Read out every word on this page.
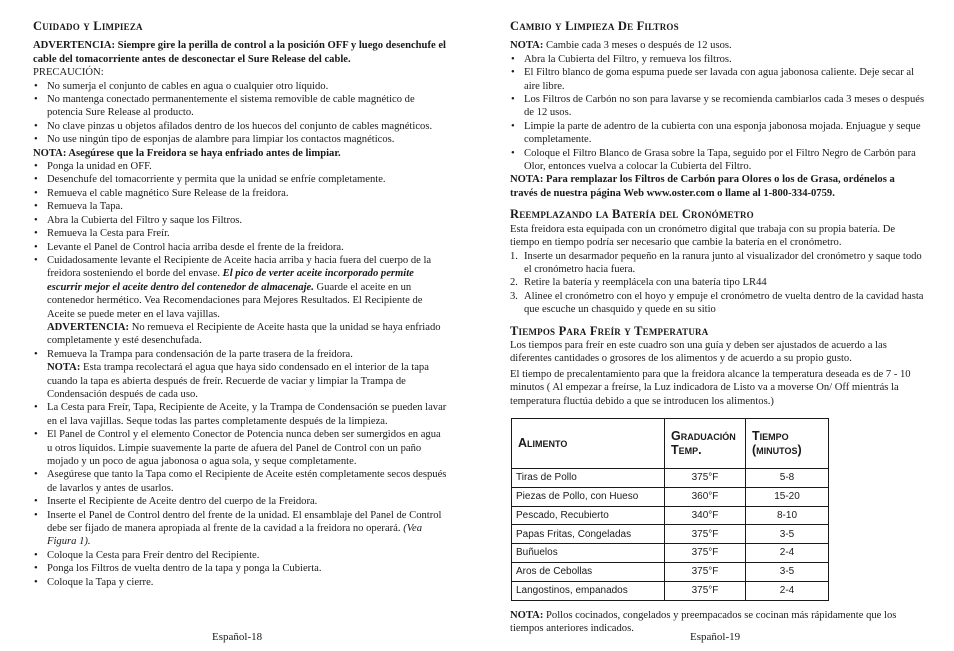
Cuidado y Limpieza

ADVERTENCIA: Siempre gire la perilla de control a la posición OFF y luego desenchufe el cable del tomacorriente antes de desconectar el Sure Release del cable.

PRECAUCIÓN:

• No sumerja el conjunto de cables en agua o cualquier otro líquido.
• No mantenga conectado permanentemente el sistema removible de cable magnético de potencia Sure Release al producto.
• No clave pinzas u objetos afilados dentro de los huecos del conjunto de cables magnéticos.
• No use ningún tipo de esponjas de alambre para limpiar los contactos magnéticos.

NOTA: Asegúrese que la Freidora se haya enfriado antes de limpiar.

• Ponga la unidad en OFF.
• Desenchufe del tomacorriente y permita que la unidad se enfríe completamente.
• Remueva el cable magnético Sure Release de la freidora.
• Remueva la Tapa.
• Abra la Cubierta del Filtro y saque los Filtros.
• Remueva la Cesta para Freír.
• Levante el Panel de Control hacia arriba desde el frente de la freidora.
• Cuidadosamente levante el Recipiente de Aceite hacia arriba y hacia fuera del cuerpo de la freidora sosteniendo el borde del envase. El pico de verter aceite incorporado permite escurrir mejor el aceite dentro del contenedor de almacenaje. Guarde el aceite en un contenedor hermético. Vea Recomendaciones para Mejores Resultados. El Recipiente de Aceite se puede meter en el lava vajillas.
ADVERTENCIA: No remueva el Recipiente de Aceite hasta que la unidad se haya enfriado completamente y esté desenchufada.
• Remueva la Trampa para condensación de la parte trasera de la freidora.
NOTA: Esta trampa recolectará el agua que haya sido condensado en el interior de la tapa cuando la tapa es abierta después de freír. Recuerde de vaciar y limpiar la Trampa de Condensación después de cada uso.
• La Cesta para Freír, Tapa, Recipiente de Aceite, y la Trampa de Condensación se pueden lavar en el lava vajillas. Seque todas las partes completamente después de la limpieza.
• El Panel de Control y el elemento Conector de Potencia nunca deben ser sumergidos en agua u otros líquidos. Limpie suavemente la parte de afuera del Panel de Control con un paño mojado y un poco de agua jabonosa o agua sola, y seque completamente.
• Asegúrese que tanto la Tapa como el Recipiente de Aceite estén completamente secos después de lavarlos y antes de usarlos.
• Inserte el Recipiente de Aceite dentro del cuerpo de la Freidora.
• Inserte el Panel de Control dentro del frente de la unidad. El ensamblaje del Panel de Control debe ser fijado de manera apropiada al frente de la cavidad a la freidora no operará. (Vea Figura 1).
• Coloque la Cesta para Freír dentro del Recipiente.
• Ponga los Filtros de vuelta dentro de la tapa y ponga la Cubierta.
• Coloque la Tapa y cierre.
Español-18
Cambio y Limpieza De Filtros

NOTA: Cambie cada 3 meses o después de 12 usos.

• Abra la Cubierta del Filtro, y remueva los filtros.
• El Filtro blanco de goma espuma puede ser lavada con agua jabonosa caliente. Deje secar al aire libre.
• Los Filtros de Carbón no son para lavarse y se recomienda cambiarlos cada 3 meses o después de 12 usos.
• Limpie la parte de adentro de la cubierta con una esponja jabonosa mojada. Enjuague y seque completamente.
• Coloque el Filtro Blanco de Grasa sobre la Tapa, seguido por el Filtro Negro de Carbón para Olor, entonces vuelva a colocar la Cubierta del Filtro.

NOTA: Para remplazar los Filtros de Carbón para Olores o los de Grasa, ordénelos a través de nuestra página Web www.oster.com o llame al 1-800-334-0759.

Reemplazando la Batería del Cronómetro

Esta freidora esta equipada con un cronómetro digital que trabaja con su propia batería. De tiempo en tiempo podría ser necesario que cambie la batería en el cronómetro.

1. Inserte un desarmador pequeño en la ranura junto al visualizador del cronómetro y saque todo el cronómetro hacia fuera.
2. Retire la batería y reemplácela con una batería tipo LR44
3. Alinee el cronómetro con el hoyo y empuje el cronómetro de vuelta dentro de la cavidad hasta que escuche un chasquido y quede en su sitio
Tiempos Para Freír y Temperatura

Los tiempos para freír en este cuadro son una guía y deben ser ajustados de acuerdo a las diferentes cantidades o grosores de los alimentos y de acuerdo a su propio gusto.

El tiempo de precalentamiento para que la freidora alcance la temperatura deseada es de 7 - 10 minutos ( Al empezar a freírse, la Luz indicadora de Listo va a moverse On/ Off mientrás la temperatura fluctúa debido a que se introducen los alimentos.)

Alimento	Graduación Temp.	Tiempo (minutos)
Tiras de Pollo	375°F	5-8
Piezas de Pollo, con Hueso	360°F	15-20
Pescado, Recubierto	340°F	8-10
Papas Fritas, Congeladas	375°F	3-5
Buñuelos	375°F	2-4
Aros de Cebollas	375°F	3-5
Langostinos, empanados	375°F	2-4

NOTA: Pollos cocinados, congelados y preempacados se cocinan más rápidamente que los tiempos anteriores indicados.

Español-19
